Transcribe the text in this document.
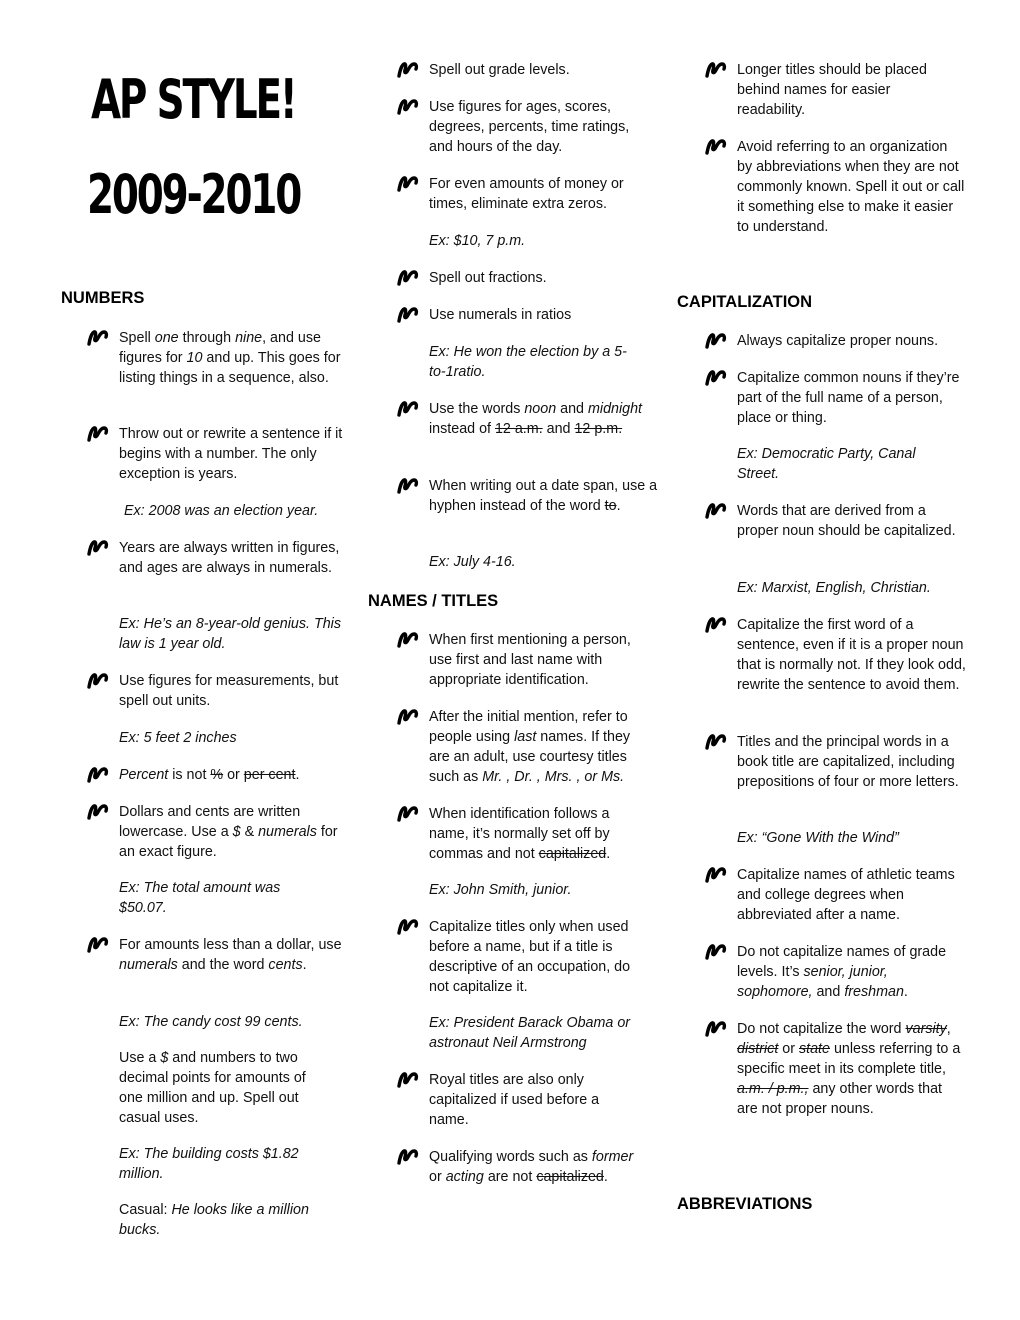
AP STYLE!
2009-2010
NUMBERS
Spell one through nine, and use figures for 10 and up. This goes for listing things in a sequence, also.
Throw out or rewrite a sentence if it begins with a number. The only exception is years.
Ex: 2008 was an election year.
Years are always written in figures, and ages are always in numerals.
Ex: He’s an 8-year-old genius. This law is 1 year old.
Use figures for measurements, but spell out units.
Ex: 5 feet 2 inches
Percent is not % or per cent.
Dollars and cents are written lowercase. Use a $ & numerals for an exact figure.
Ex: The total amount was $50.07.
For amounts less than a dollar, use numerals and the word cents.
Ex: The candy cost 99 cents.
Use a $ and numbers to two decimal points for amounts of one million and up. Spell out casual uses.
Ex: The building costs $1.82 million.
Casual: He looks like a million bucks.
Spell out grade levels.
Use figures for ages, scores, degrees, percents, time ratings, and hours of the day.
For even amounts of money or times, eliminate extra zeros.
Ex: $10, 7 p.m.
Spell out fractions.
Use numerals in ratios
Ex: He won the election by a 5-to-1ratio.
Use the words noon and midnight instead of 12 a.m. and 12 p.m.
When writing out a date span, use a hyphen instead of the word to.
Ex: July 4-16.
NAMES / TITLES
When first mentioning a person, use first and last name with appropriate identification.
After the initial mention, refer to people using last names. If they are an adult, use courtesy titles such as Mr. , Dr. , Mrs. , or Ms.
When identification follows a name, it’s normally set off by commas and not capitalized.
Ex: John Smith, junior.
Capitalize titles only when used before a name, but if a title is descriptive of an occupation, do not capitalize it.
Ex: President Barack Obama or astronaut Neil Armstrong
Royal titles are also only capitalized if used before a name.
Qualifying words such as former or acting are not capitalized.
Longer titles should be placed behind names for easier readability.
Avoid referring to an organization by abbreviations when they are not commonly known. Spell it out or call it something else to make it easier to understand.
CAPITALIZATION
Always capitalize proper nouns.
Capitalize common nouns if they’re part of the full name of a person, place or thing.
Ex: Democratic Party, Canal Street.
Words that are derived from a proper noun should be capitalized.
Ex: Marxist, English, Christian.
Capitalize the first word of a sentence, even if it is a proper noun that is normally not. If they look odd, rewrite the sentence to avoid them.
Titles and the principal words in a book title are capitalized, including prepositions of four or more letters.
Ex: “Gone With the Wind”
Capitalize names of athletic teams and college degrees when abbreviated after a name.
Do not capitalize names of grade levels. It’s senior, junior, sophomore, and freshman.
Do not capitalize the word varsity, district or state unless referring to a specific meet in its complete title, a.m. / p.m., any other words that are not proper nouns.
ABBREVIATIONS
